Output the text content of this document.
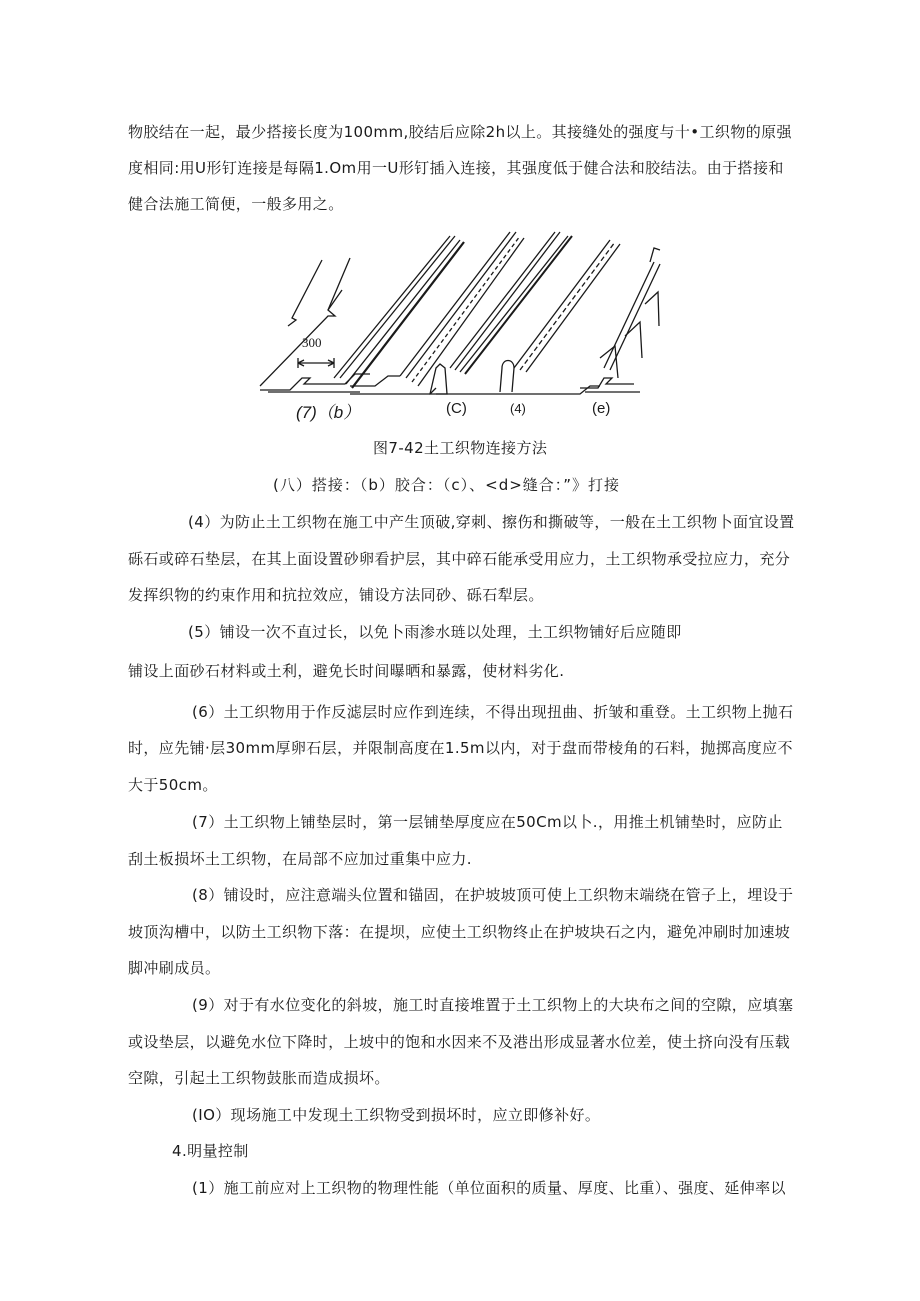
物胶结在一起，最少搭接长度为100mm,胶结后应除2h以上。其接缝处的强度与十•工织物的原强
度相同:用U形钉连接是每隔1.Om用一U形钉插入连接，其强度低于健合法和胶结法。由于搭接和
健合法施工简便，一般多用之。
300
(7)（b）	(C)	(4)	(e)
图7-42土工织物连接方法
(八）搭接：（b）胶合：（c）、<d>缝合：”》打接
(4）为防止土工织物在施工中产生顶破,穿刺、擦伤和撕破等，一般在土工织物卜面宜设置
砾石或碎石垫层，在其上面设置砂卵看护层，其中碎石能承受用应力，土工织物承受拉应力，充分
发挥织物的约束作用和抗拉效应，铺设方法同砂、砾石犁层。
(5）铺设一次不直过长，以免卜雨渗水琏以处理，土工织物铺好后应随即
铺设上面砂石材料或土利，避免长时间曝晒和暴露，使材料劣化.
(6）土工织物用于作反滤层时应作到连续，不得出现扭曲、折皱和重登。土工织物上抛石
时，应先铺·层30mm厚卵石层，并限制高度在1.5m以内，对于盘而带棱角的石料，抛掷高度应不
大于50cm。
(7）土工织物上铺垫层时，第一层铺垫厚度应在50Cm以卜.，用推土机铺垫时，应防止
刮土板损坏土工织物，在局部不应加过重集中应力.
(8）铺设时，应注意端头位置和锚固，在护坡坡顶可使上工织物末端绕在管子上，埋设于
坡顶沟槽中，以防土工织物下落：在提坝，应使土工织物终止在护坡块石之内，避免冲刷时加速坡
脚冲刷成员。
(9）对于有水位变化的斜坡，施工时直接堆置于土工织物上的大块布之间的空隙，应填塞
或设垫层，以避免水位下降时，上坡中的饱和水因来不及港出形成显著水位差，使土挤向没有压载
空隙，引起土工织物鼓胀而造成损坏。
(IO）现场施工中发现土工织物受到损坏时，应立即修补好。
4.明量控制
(1）施工前应对上工织物的物理性能（单位面积的质量、厚度、比重）、强度、延伸率以
